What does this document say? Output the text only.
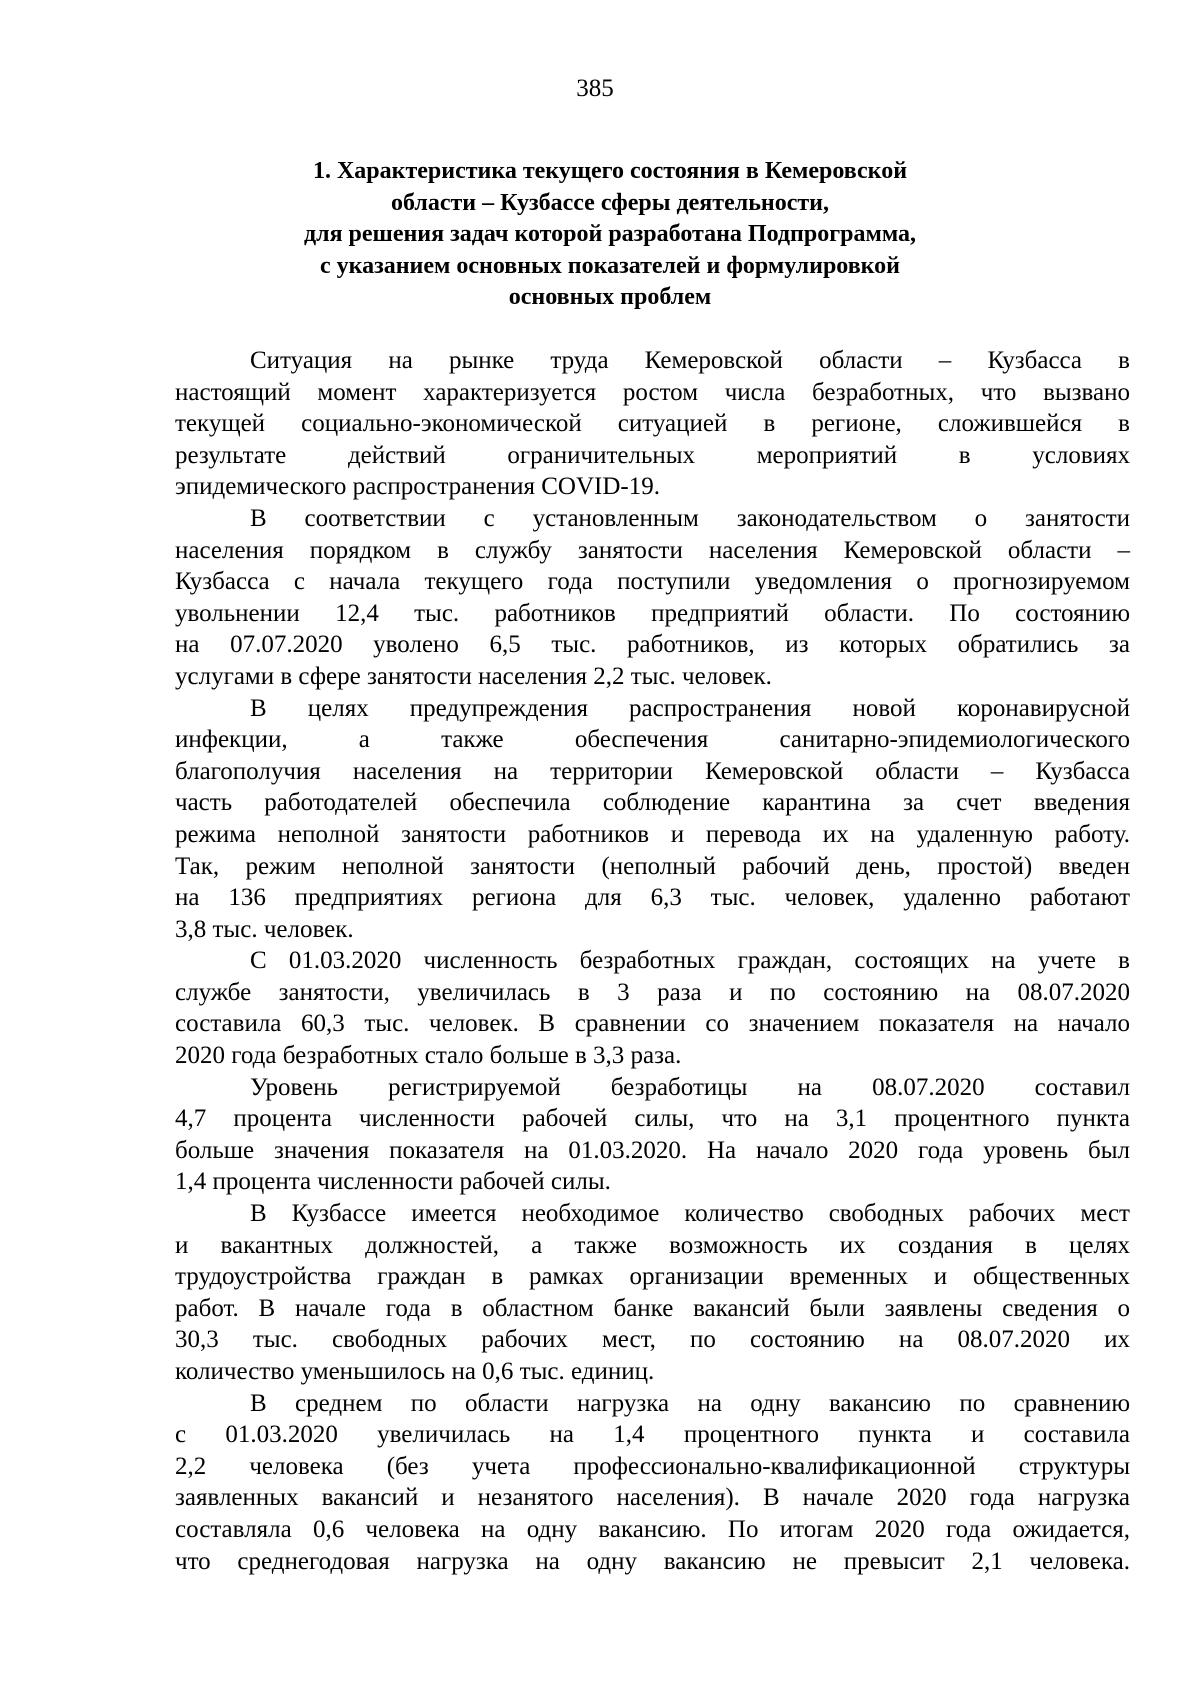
385
1. Характеристика текущего состояния в Кемеровской
области – Кузбассе сферы деятельности,
для решения задач которой разработана Подпрограмма,
с указанием основных показателей и формулировкой
основных проблем
Ситуация на рынке труда Кемеровской области – Кузбасса в
настоящий момент характеризуется ростом числа безработных, что вызвано
текущей социально-экономической ситуацией в регионе, сложившейся в
результате действий ограничительных мероприятий в условиях
эпидемического распространения COVID-19.
В соответствии с установленным законодательством о занятости
населения порядком в службу занятости населения Кемеровской области –
Кузбасса с начала текущего года поступили уведомления о прогнозируемом
увольнении 12,4 тыс. работников предприятий области. По состоянию
на 07.07.2020 уволено 6,5 тыс. работников, из которых обратились за
услугами в сфере занятости населения 2,2 тыс. человек.
В целях предупреждения распространения новой коронавирусной
инфекции, а также обеспечения санитарно-эпидемиологического
благополучия населения на территории Кемеровской области – Кузбасса
часть работодателей обеспечила соблюдение карантина за счет введения
режима неполной занятости работников и перевода их на удаленную работу.
Так, режим неполной занятости (неполный рабочий день, простой) введен
на 136 предприятиях региона для 6,3 тыс. человек, удаленно работают
3,8 тыс. человек.
С 01.03.2020 численность безработных граждан, состоящих на учете в
службе занятости, увеличилась в 3 раза и по состоянию на 08.07.2020
составила 60,3 тыс. человек. В сравнении со значением показателя на начало
2020 года безработных стало больше в 3,3 раза.
Уровень регистрируемой безработицы на 08.07.2020 составил
4,7 процента численности рабочей силы, что на 3,1 процентного пункта
больше значения показателя на 01.03.2020. На начало 2020 года уровень был
1,4 процента численности рабочей силы.
В Кузбассе имеется необходимое количество свободных рабочих мест
и вакантных должностей, а также возможность их создания в целях
трудоустройства граждан в рамках организации временных и общественных
работ. В начале года в областном банке вакансий были заявлены сведения о
30,3 тыс. свободных рабочих мест, по состоянию на 08.07.2020 их
количество уменьшилось на 0,6 тыс. единиц.
В среднем по области нагрузка на одну вакансию по сравнению
с 01.03.2020 увеличилась на 1,4 процентного пункта и составила
2,2 человека (без учета профессионально-квалификационной структуры
заявленных вакансий и незанятого населения). В начале 2020 года нагрузка
составляла 0,6 человека на одну вакансию. По итогам 2020 года ожидается,
что среднегодовая нагрузка на одну вакансию не превысит 2,1 человека.
